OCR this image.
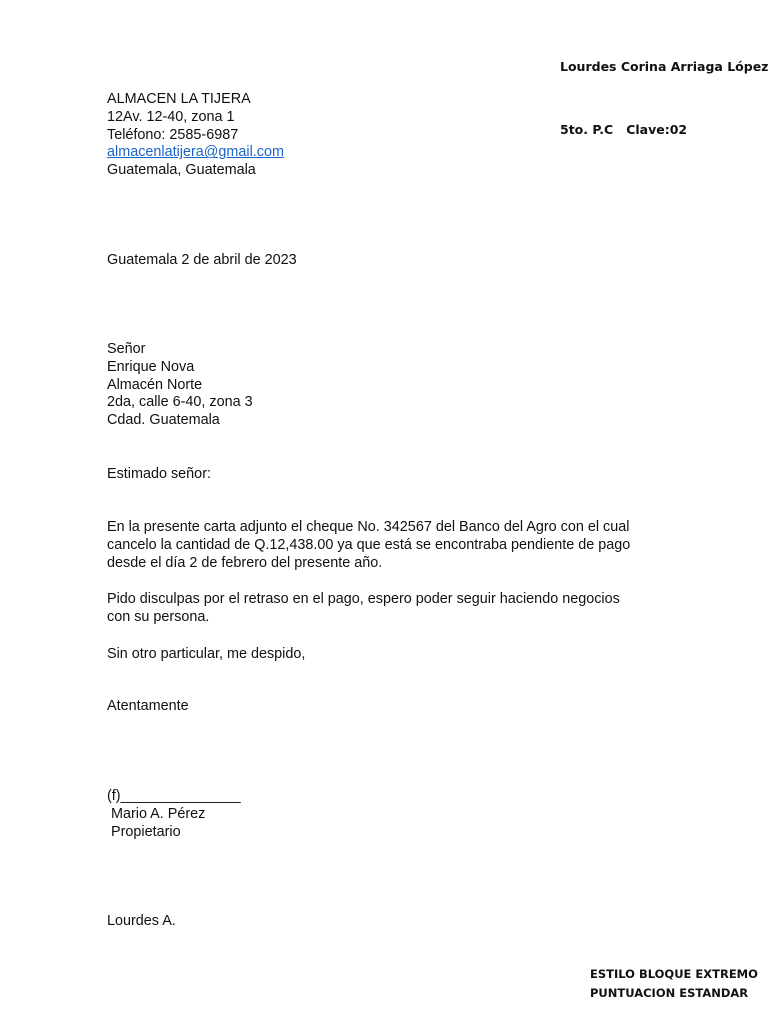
Lourdes Corina Arriaga López

5to. P.C   Clave:02

ALMACEN LA TIJERA
12Av. 12-40, zona 1
Teléfono: 2585-6987
almacenlatijera@gmail.com
Guatemala, Guatemala
Guatemala 2 de abril de 2023
Señor
Enrique Nova
Almacén Norte
2da, calle 6-40, zona 3
Cdad. Guatemala
Estimado señor:
En la presente carta adjunto el cheque No. 342567 del Banco del Agro con el cual
cancelo la cantidad de Q.12,438.00 ya que está se encontraba pendiente de pago
desde el día 2 de febrero del presente año.
Pido disculpas por el retraso en el pago, espero poder seguir haciendo negocios
con su persona.
Sin otro particular, me despido,
Atentamente
(f)_______________
Mario A. Pérez
Propietario
Lourdes A.
ESTILO BLOQUE EXTREMO
PUNTUACION ESTANDAR
